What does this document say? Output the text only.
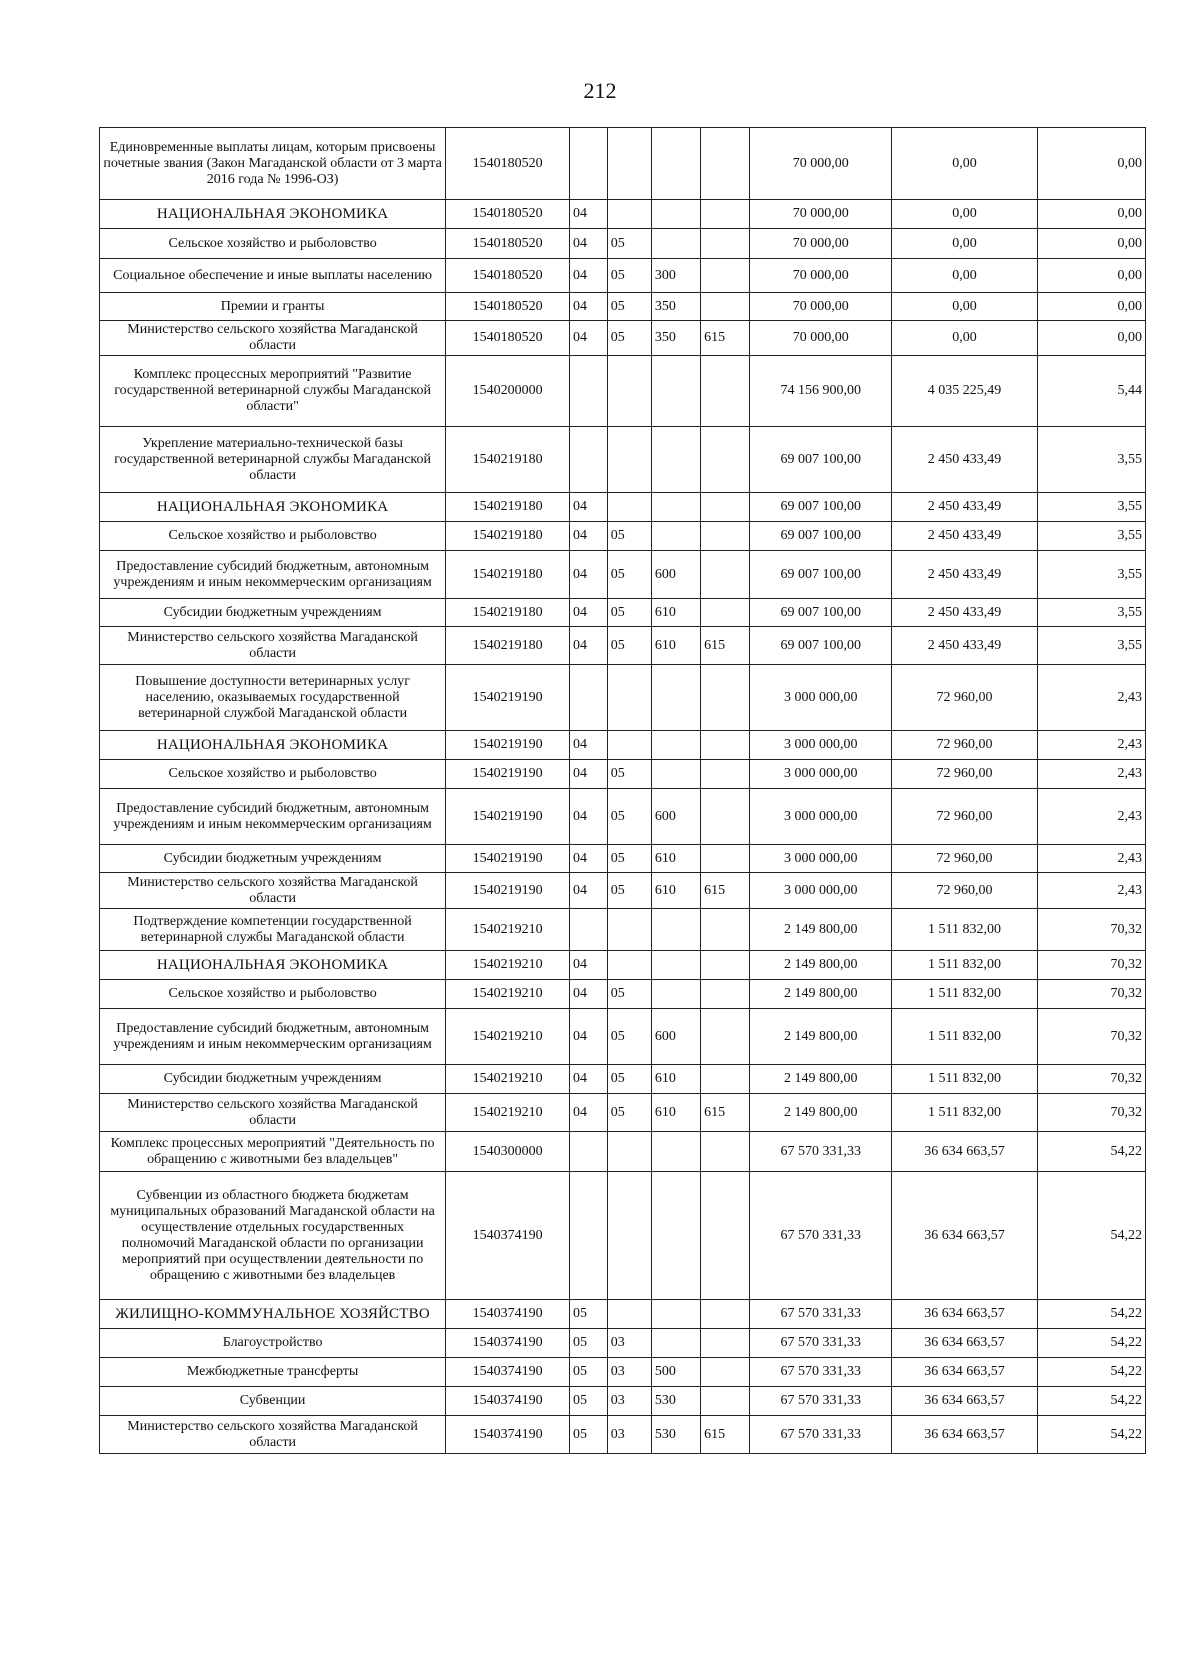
212
Единовременные выплаты лицам, которым присвоены почетные звания (Закон Магаданской области от 3 марта 2016 года № 1996-ОЗ)	1540180520					70 000,00	0,00	0,00
НАЦИОНАЛЬНАЯ ЭКОНОМИКА	1540180520	04				70 000,00	0,00	0,00
Сельское хозяйство и рыболовство	1540180520	04	05			70 000,00	0,00	0,00
Социальное обеспечение и иные выплаты населению	1540180520	04	05	300		70 000,00	0,00	0,00
Премии и гранты	1540180520	04	05	350		70 000,00	0,00	0,00
Министерство сельского хозяйства Магаданской области	1540180520	04	05	350	615	70 000,00	0,00	0,00
Комплекс процессных мероприятий "Развитие государственной ветеринарной службы Магаданской области"	1540200000					74 156 900,00	4 035 225,49	5,44
Укрепление материально-технической базы государственной ветеринарной службы Магаданской области	1540219180					69 007 100,00	2 450 433,49	3,55
НАЦИОНАЛЬНАЯ ЭКОНОМИКА	1540219180	04				69 007 100,00	2 450 433,49	3,55
Сельское хозяйство и рыболовство	1540219180	04	05			69 007 100,00	2 450 433,49	3,55
Предоставление субсидий бюджетным, автономным учреждениям и иным некоммерческим организациям	1540219180	04	05	600		69 007 100,00	2 450 433,49	3,55
Субсидии бюджетным учреждениям	1540219180	04	05	610		69 007 100,00	2 450 433,49	3,55
Министерство сельского хозяйства Магаданской области	1540219180	04	05	610	615	69 007 100,00	2 450 433,49	3,55
Повышение доступности ветеринарных услуг населению, оказываемых государственной ветеринарной службой Магаданской области	1540219190					3 000 000,00	72 960,00	2,43
НАЦИОНАЛЬНАЯ ЭКОНОМИКА	1540219190	04				3 000 000,00	72 960,00	2,43
Сельское хозяйство и рыболовство	1540219190	04	05			3 000 000,00	72 960,00	2,43
Предоставление субсидий бюджетным, автономным учреждениям и иным некоммерческим организациям	1540219190	04	05	600		3 000 000,00	72 960,00	2,43
Субсидии бюджетным учреждениям	1540219190	04	05	610		3 000 000,00	72 960,00	2,43
Министерство сельского хозяйства Магаданской области	1540219190	04	05	610	615	3 000 000,00	72 960,00	2,43
Подтверждение компетенции государственной ветеринарной службы Магаданской области	1540219210					2 149 800,00	1 511 832,00	70,32
НАЦИОНАЛЬНАЯ ЭКОНОМИКА	1540219210	04				2 149 800,00	1 511 832,00	70,32
Сельское хозяйство и рыболовство	1540219210	04	05			2 149 800,00	1 511 832,00	70,32
Предоставление субсидий бюджетным, автономным учреждениям и иным некоммерческим организациям	1540219210	04	05	600		2 149 800,00	1 511 832,00	70,32
Субсидии бюджетным учреждениям	1540219210	04	05	610		2 149 800,00	1 511 832,00	70,32
Министерство сельского хозяйства Магаданской области	1540219210	04	05	610	615	2 149 800,00	1 511 832,00	70,32
Комплекс процессных мероприятий "Деятельность по обращению с животными без владельцев"	1540300000					67 570 331,33	36 634 663,57	54,22
Субвенции из областного бюджета бюджетам муниципальных образований Магаданской области на осуществление отдельных государственных полномочий Магаданской области по организации мероприятий при осуществлении деятельности по обращению с животными без владельцев	1540374190					67 570 331,33	36 634 663,57	54,22
ЖИЛИЩНО-КОММУНАЛЬНОЕ ХОЗЯЙСТВО	1540374190	05				67 570 331,33	36 634 663,57	54,22
Благоустройство	1540374190	05	03			67 570 331,33	36 634 663,57	54,22
Межбюджетные трансферты	1540374190	05	03	500		67 570 331,33	36 634 663,57	54,22
Субвенции	1540374190	05	03	530		67 570 331,33	36 634 663,57	54,22
Министерство сельского хозяйства Магаданской области	1540374190	05	03	530	615	67 570 331,33	36 634 663,57	54,22
